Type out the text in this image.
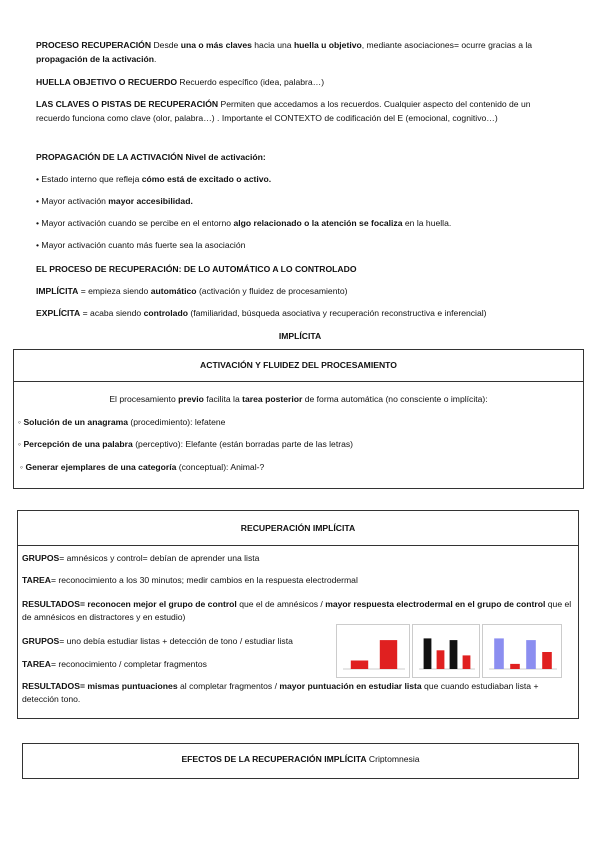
PROCESO RECUPERACIÓN Desde una o más claves hacia una huella u objetivo, mediante asociaciones= ocurre gracias a la propagación de la activación.
HUELLA OBJETIVO O RECUERDO Recuerdo específico (idea, palabra…)
LAS CLAVES O PISTAS DE RECUPERACIÓN Permiten que accedamos a los recuerdos. Cualquier aspecto del contenido de un recuerdo funciona como clave (olor, palabra…) . Importante el CONTEXTO de codificación del E (emocional, cognitivo…)
PROPAGACIÓN DE LA ACTIVACIÓN Nivel de activación:
• Estado interno que refleja cómo está de excitado o activo.
• Mayor activación mayor accesibilidad.
• Mayor activación cuando se percibe en el entorno algo relacionado o la atención se focaliza en la huella.
• Mayor activación cuanto más fuerte sea la asociación
EL PROCESO DE RECUPERACIÓN: DE LO AUTOMÁTICO A LO CONTROLADO
IMPLÍCITA = empieza siendo automático (activación y fluidez de procesamiento)
EXPLÍCITA = acaba siendo controlado (familiaridad, búsqueda asociativa y recuperación reconstructiva e inferencial)
IMPLÍCITA
ACTIVACIÓN Y FLUIDEZ DEL PROCESAMIENTO
El procesamiento previo facilita la tarea posterior de forma automática (no consciente o implícita):
◦ Solución de un anagrama (procedimiento): lefatene
◦ Percepción de una palabra (perceptivo): Elefante (están borradas parte de las letras)
◦ Generar ejemplares de una categoría (conceptual): Animal-?
RECUPERACIÓN IMPLÍCITA
GRUPOS= amnésicos y control= debían de aprender una lista
TAREA= reconocimiento a los 30 minutos; medir cambios en la respuesta electrodermal
RESULTADOS= reconocen mejor el grupo de control que el de amnésicos / mayor respuesta electrodermal en el grupo de control que el de amnésicos en distractores y en estudio)
GRUPOS= uno debía estudiar listas + detección de tono / estudiar lista
TAREA= reconocimiento / completar fragmentos
RESULTADOS= mismas puntuaciones al completar fragmentos / mayor puntuación en estudiar lista que cuando estudiaban lista + detección tono.
EFECTOS DE LA RECUPERACIÓN IMPLÍCITA Criptomnesia
